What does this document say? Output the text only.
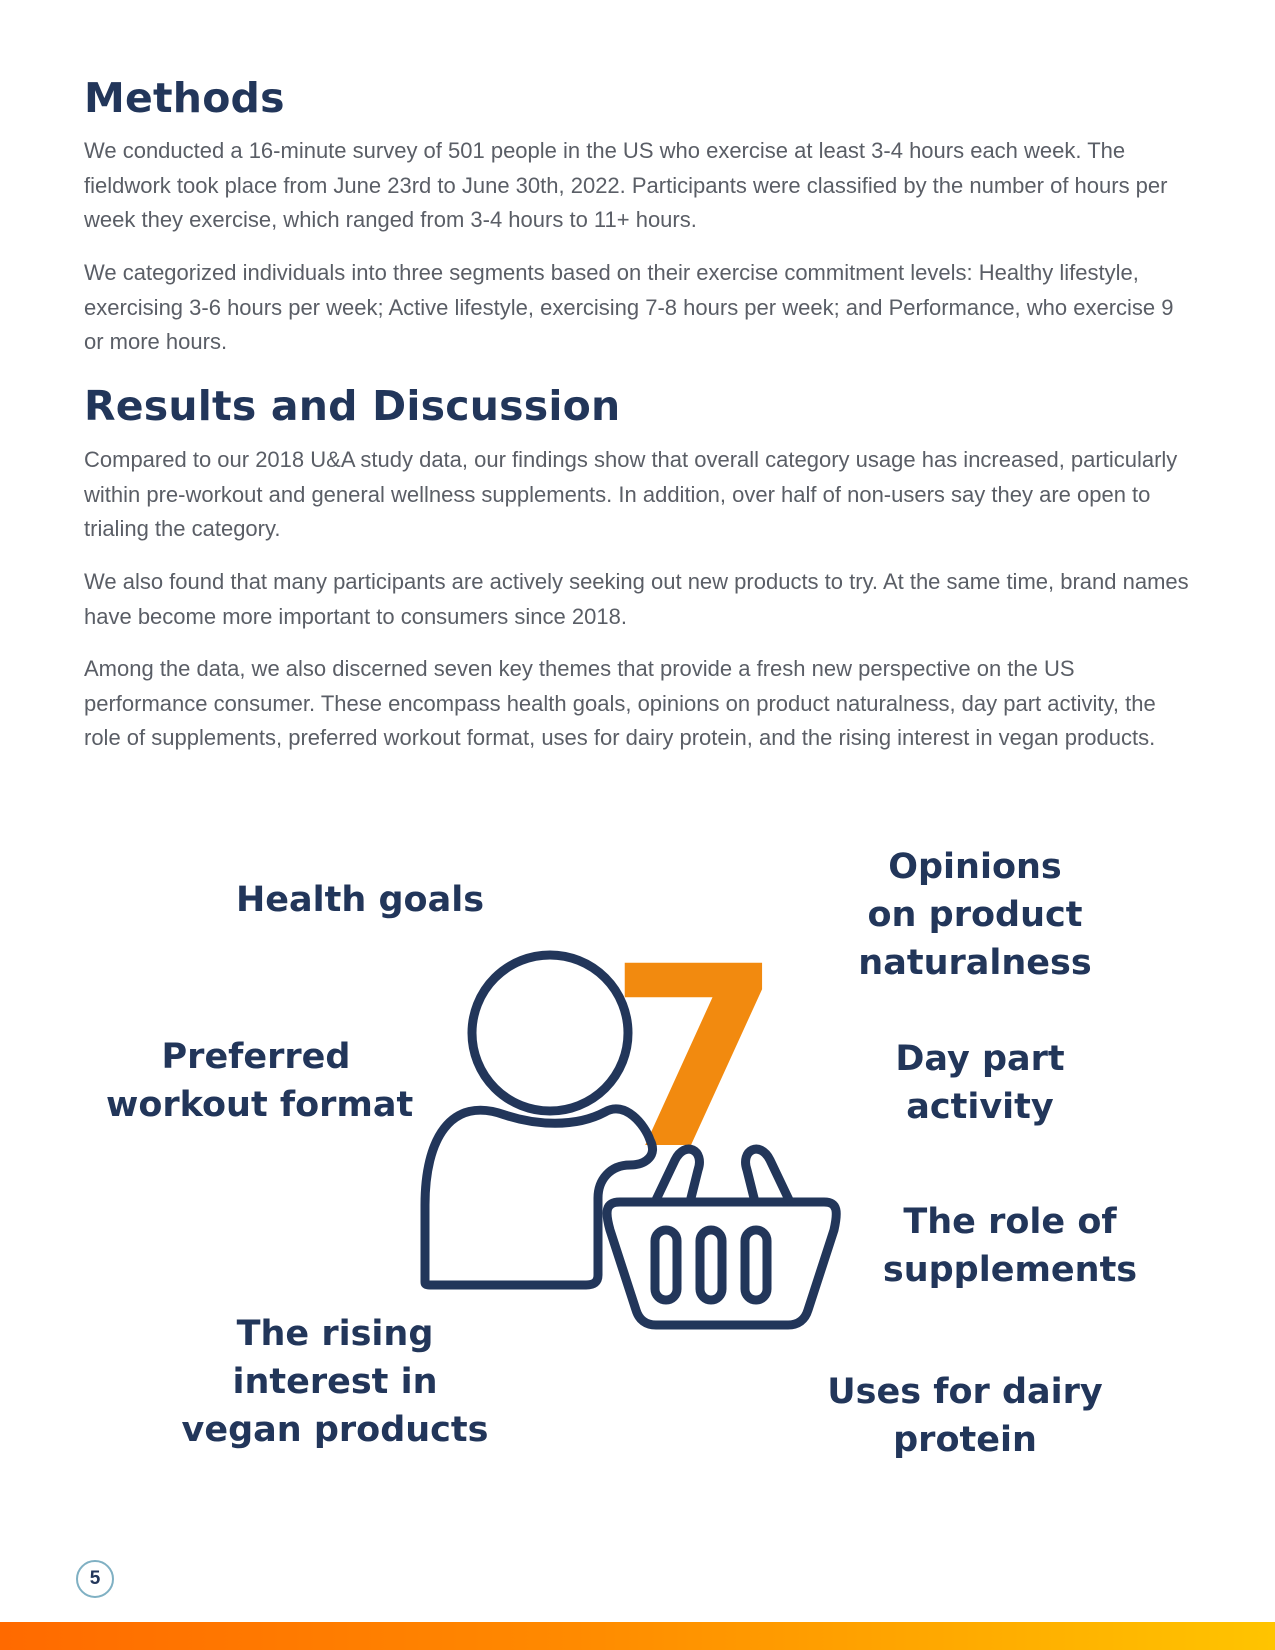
Methods

We conducted a 16-minute survey of 501 people in the US who exercise at least 3-4 hours each week. The fieldwork took place from June 23rd to June 30th, 2022. Participants were classified by the number of hours per week they exercise, which ranged from 3-4 hours to 11+ hours.

We categorized individuals into three segments based on their exercise commitment levels: Healthy lifestyle, exercising 3-6 hours per week; Active lifestyle, exercising 7-8 hours per week; and Performance, who exercise 9 or more hours.

Results and Discussion

Compared to our 2018 U&A study data, our findings show that overall category usage has increased, particularly within pre-workout and general wellness supplements. In addition, over half of non-users say they are open to trialing the category.

We also found that many participants are actively seeking out new products to try. At the same time, brand names have become more important to consumers since 2018.

Among the data, we also discerned seven key themes that provide a fresh new perspective on the US performance consumer. These encompass health goals, opinions on product naturalness, day part activity, the role of supplements, preferred workout format, uses for dairy protein, and the rising interest in vegan products.

Health goals
Preferred
workout format
The rising
interest in
vegan products
Opinions
on product
naturalness
Day part
activity
The role of
supplements
Uses for dairy
protein
7
5
